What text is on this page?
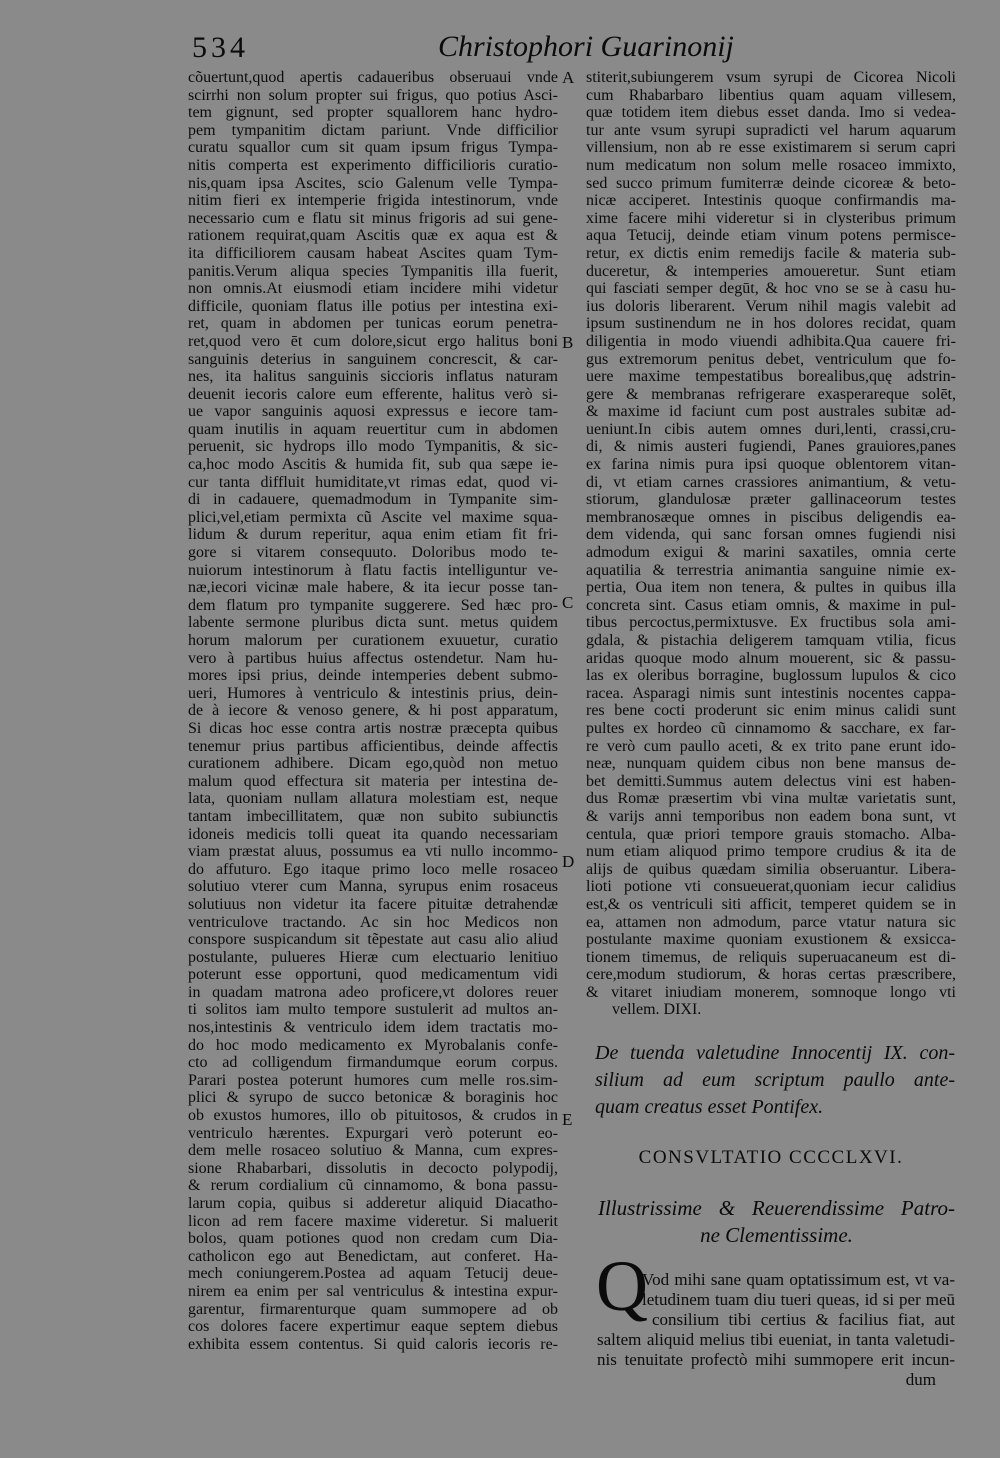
534	Christophori Guarinonij
cõuertunt,quod apertis cadaueribus obseruaui vnde
scirrhi non solum propter sui frigus, quo potius Asci-
tem gignunt, sed propter squallorem hanc hydro-
pem tympanitim dictam pariunt. Vnde difficilior
curatu squallor cum sit quam ipsum frigus Tympa-
nitis comperta est experimento difficilioris curatio-
nis,quam ipsa Ascites, scio Galenum velle Tympa-
nitim fieri ex intemperie frigida intestinorum, vnde
necessario cum e flatu sit minus frigoris ad sui gene-
rationem requirat,quam Ascitis quæ ex aqua est &
ita difficiliorem causam habeat Ascites quam Tym-
panitis.Verum aliqua species Tympanitis illa fuerit,
non omnis.At eiusmodi etiam incidere mihi videtur
difficile, quoniam flatus ille potius per intestina exi-
ret, quam in abdomen per tunicas eorum penetra-
ret,quod vero ēt cum dolore,sicut ergo halitus boni
sanguinis deterius in sanguinem concrescit, & car-
nes, ita halitus sanguinis siccioris inflatus naturam
deuenit iecoris calore eum efferente, halitus verò si-
ue vapor sanguinis aquosi expressus e iecore tam-
quam inutilis in aquam reuertitur cum in abdomen
peruenit, sic hydrops illo modo Tympanitis, & sic-
ca,hoc modo Ascitis & humida fit, sub qua sæpe ie-
cur tanta diffluit humiditate,vt rimas edat, quod vi-
di in cadauere, quemadmodum in Tympanite sim-
plici,vel,etiam permixta cũ Ascite vel maxime squa-
lidum & durum reperitur, aqua enim etiam fit fri-
gore si vitarem consequuto. Doloribus modo te-
nuiorum intestinorum à flatu factis intelliguntur ve-
næ,iecori vicinæ male habere, & ita iecur posse tan-
dem flatum pro tympanite suggerere. Sed hæc pro-
labente sermone pluribus dicta sunt. metus quidem
horum malorum per curationem exuuetur, curatio
vero à partibus huius affectus ostendetur. Nam hu-
mores ipsi prius, deinde intemperies debent submo-
ueri, Humores à ventriculo & intestinis prius, dein-
de à iecore & venoso genere, & hi post apparatum,
Si dicas hoc esse contra artis nostræ præcepta quibus
tenemur prius partibus afficientibus, deinde affectis
curationem adhibere. Dicam ego,quòd non metuo
malum quod effectura sit materia per intestina de-
lata, quoniam nullam allatura molestiam est, neque
tantam imbecillitatem, quæ non subito subiunctis
idoneis medicis tolli queat ita quando necessariam
viam præstat aluus, possumus ea vti nullo incommo-
do affuturo. Ego itaque primo loco melle rosaceo
solutiuo vterer cum Manna, syrupus enim rosaceus
solutiuus non videtur ita facere pituitæ detrahendæ
ventriculove tractando. Ac sin hoc Medicos non
conspore suspicandum sit tẽpestate aut casu alio aliud
postulante, pulueres Hieræ cum electuario lenitiuo
poterunt esse opportuni, quod medicamentum vidi
in quadam matrona adeo proficere,vt dolores reuer
ti solitos iam multo tempore sustulerit ad multos an-
nos,intestinis & ventriculo idem idem tractatis mo-
do hoc modo medicamento ex Myrobalanis confe-
cto ad colligendum firmandumque eorum corpus.
Parari postea poterunt humores cum melle ros.sim-
plici & syrupo de succo betonicæ & boraginis hoc
ob exustos humores, illo ob pituitosos, & crudos in
ventriculo hærentes. Expurgari verò poterunt eo-
dem melle rosaceo solutiuo & Manna, cum expres-
sione Rhabarbari, dissolutis in decocto polypodij,
& rerum cordialium cũ cinnamomo, & bona passu-
larum copia, quibus si adderetur aliquid Diacatho-
licon ad rem facere maxime videretur. Si maluerit
bolos, quam potiones quod non credam cum Dia-
catholicon ego aut Benedictam, aut conferet. Ha-
mech coniungerem.Postea ad aquam Tetucij deue-
nirem ea enim per sal ventriculus & intestina expur-
garentur, firmarenturque quam summopere ad ob
cos dolores facere expertimur eaque septem diebus
exhibita essem contentus. Si quid caloris iecoris re-
stiterit,subiungerem vsum syrupi de Cicorea Nicoli
cum Rhabarbaro libentius quam aquam villesem,
quæ totidem item diebus esset danda. Imo si vedea-
tur ante vsum syrupi supradicti vel harum aquarum
villensium, non ab re esse existimarem si serum capri
num medicatum non solum melle rosaceo immixto,
sed succo primum fumiterræ deinde cicoreæ & beto-
nicæ acciperet. Intestinis quoque confirmandis ma-
xime facere mihi videretur si in clysteribus primum
aqua Tetucij, deinde etiam vinum potens permisce-
retur, ex dictis enim remedijs facile & materia sub-
duceretur, & intemperies amoueretur. Sunt etiam
qui fasciati semper degūt, & hoc vno se se à casu hu-
ius doloris liberarent. Verum nihil magis valebit ad
ipsum sustinendum ne in hos dolores recidat, quam
diligentia in modo viuendi adhibita.Qua cauere fri-
gus extremorum penitus debet, ventriculum que fo-
uere maxime tempestatibus borealibus,quę adstrin-
gere & membranas refrigerare exasperareque solēt,
& maxime id faciunt cum post australes subitæ ad-
ueniunt.In cibis autem omnes duri,lenti, crassi,cru-
di, & nimis austeri fugiendi, Panes grauiores,panes
ex farina nimis pura ipsi quoque oblentorem vitan-
di, vt etiam carnes crassiores animantium, & vetu-
stiorum, glandulosæ præter gallinaceorum testes
membranosæque omnes in piscibus deligendis ea-
dem videnda, qui sanc forsan omnes fugiendi nisi
admodum exigui & marini saxatiles, omnia certe
aquatilia & terrestria animantia sanguine nimie ex-
pertia, Oua item non tenera, & pultes in quibus illa
concreta sint. Casus etiam omnis, & maxime in pul-
tibus percoctus,permixtusve. Ex fructibus sola ami-
gdala, & pistachia deligerem tamquam vtilia, ficus
aridas quoque modo alnum mouerent, sic & passu-
las ex oleribus borragine, buglossum lupulos & cico
racea. Asparagi nimis sunt intestinis nocentes cappa-
res bene cocti proderunt sic enim minus calidi sunt
pultes ex hordeo cũ cinnamomo & sacchare, ex far-
re verò cum paullo aceti, & ex trito pane erunt ido-
neæ, nunquam quidem cibus non bene mansus de-
bet demitti.Summus autem delectus vini est haben-
dus Romæ præsertim vbi vina multæ varietatis sunt,
& varijs anni temporibus non eadem bona sunt, vt
centula, quæ priori tempore grauis stomacho. Alba-
num etiam aliquod primo tempore crudius & ita de
alijs de quibus quædam similia obseruantur. Libera-
lioti potione vti consueuerat,quoniam iecur calidius
est,& os ventriculi siti afficit, temperet quidem se in
ea, attamen non admodum, parce vtatur natura sic
postulante maxime quoniam exustionem & exsicca-
tionem timemus, de reliquis superuacaneum est di-
cere,modum studiorum, & horas certas præscribere,
& vitaret iniudiam monerem, somnoque longo vti
vellem. DIXI.
A
B
C
D
E
De tuenda valetudine Innocentij IX. con-
silium ad eum scriptum paullo ante-
quam creatus esset Pontifex.
CONSVLTATIO CCCCLXVI.
Illustrissime & Reuerendissime Patro-
ne Clementissime.
Q
Vod mihi sane quam optatissimum est, vt va-
letudinem tuam diu tueri queas, id si per meū
consilium tibi certius & facilius fiat, aut
saltem aliquid melius tibi eueniat, in tanta valetudi-
nis tenuitate profectò mihi summopere erit incun-
dum
